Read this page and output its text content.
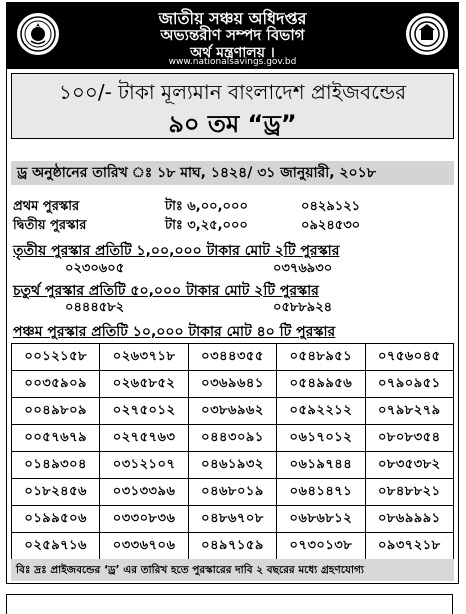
জাতীয় সঞ্চয় অধিদপ্তর
অভ্যন্তরীণ সম্পদ বিভাগ
অর্থ মন্ত্রণালয় ।
www.nationalsavings.gov.bd
১০০/- টাকা মূল্যমান বাংলাদেশ প্রাইজবন্ডের
৯০ তম “ড্র”
ড্র অনুষ্ঠানের তারিখ ঃ ১৮ মাঘ, ১৪২৪/ ৩১ জানুয়ারী, ২০১৮
প্রথম পুরস্কার	টাঃ ৬,০০,০০০	০৪২৯১২১
দ্বিতীয় পুরস্কার	টাঃ ৩,২৫,০০০	০৯২৪৫৩০
তৃতীয় পুরস্কার প্রতিটি ১,০০,০০০ টাকার মোট ২টি পুরস্কার
০২৩০৬০৫	০৩৭৬৯৩০
চতুর্থ পুরস্কার প্রতিটি ৫০,০০০ টাকার মোট ২টি পুরস্কার
০৪৪৪৫৮২	০৫৮৮৯২৪
পঞ্চম পুরস্কার প্রতিটি ১০,০০০ টাকার মোট ৪০ টি পুরস্কার
০০১২১৫৮	০২৬৩৭১৮	০৩৪৪৩৫৫	০৫৪৮৯৫১	০৭৫৬০৪৫
০০৩৫৯০৯	০২৬৫৮৫২	০৩৬৯৬৪১	০৫৪৯৯৫৬	০৭৯০৯৫১
০০৪৯৮০৯	০২৭৫০১২	০৩৮৬৯৬২	০৫৯২২১২	০৭৯৮২৭৯
০০৫৭৬৭৯	০২৭৫৭৬৩	০৪৪৩০৯১	০৬১৭০১২	০৮০৮৩৫৪
০১৪৯৩০৪	০৩১২১০৭	০৪৬১৯৩২	০৬১৯৭৪৪	০৮৩৫৩৮২
০১৮২৪৫৬	০৩১৩৩৯৬	০৪৬৮০১৯	০৬৪১৪৭১	০৮৪৮৮২১
০১৯৯৫০৬	০৩৩০৮৩৬	০৪৮৬৭০৮	০৬৮৬৮১২	০৮৬৯৯৯১
০২৫৯৭১৬	০৩৩৬৭০৬	০৪৯৭১৫৯	০৭৩০১৩৮	০৯৩৭২১৮
বিঃ দ্রঃ প্রাইজবন্ডের ‘ড্র’ এর তারিখ হতে পুরস্কারের দাবি ২ বছরের মধ্যে গ্রহণযোগ্য
